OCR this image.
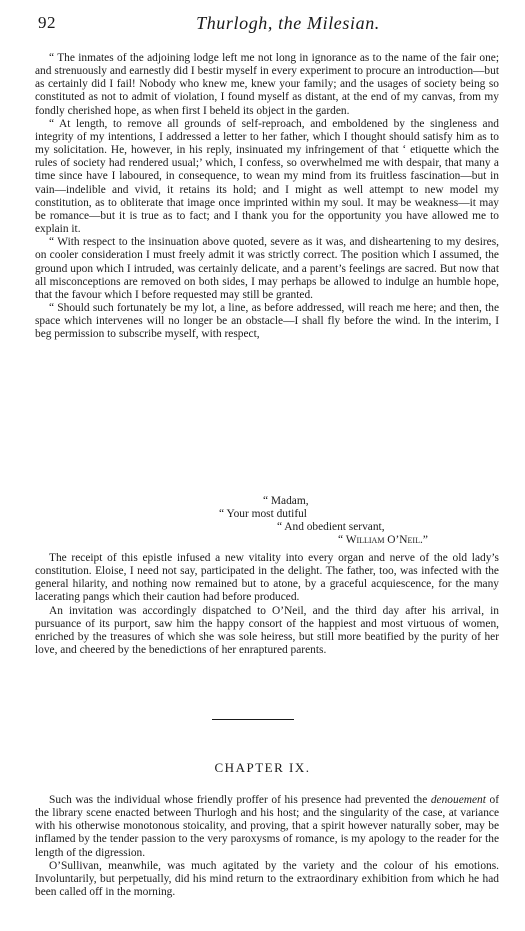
92	Thurlogh, the Milesian.

“ The inmates of the adjoining lodge left me not long in ignorance as to the name of the fair one; and strenuously and earnestly did I bestir myself in every experiment to procure an introduction—but as certainly did I fail! Nobody who knew me, knew your family; and the usages of society being so constituted as not to admit of violation, I found myself as distant, at the end of my canvas, from my fondly cherished hope, as when first I beheld its object in the garden.

“ At length, to remove all grounds of self-reproach, and emboldened by the singleness and integrity of my intentions, I addressed a letter to her father, which I thought should satisfy him as to my solicitation. He, however, in his reply, insinuated my infringement of that ‘ etiquette which the rules of society had rendered usual;’ which, I confess, so overwhelmed me with despair, that many a time since have I laboured, in consequence, to wean my mind from its fruitless fascination—but in vain—indelible and vivid, it retains its hold; and I might as well attempt to new model my constitution, as to obliterate that image once imprinted within my soul. It may be weakness—it may be romance—but it is true as to fact; and I thank you for the opportunity you have allowed me to explain it.

“ With respect to the insinuation above quoted, severe as it was, and disheartening to my desires, on cooler consideration I must freely admit it was strictly correct. The position which I assumed, the ground upon which I intruded, was certainly delicate, and a parent’s feelings are sacred. But now that all misconceptions are removed on both sides, I may perhaps be allowed to indulge an humble hope, that the favour which I before requested may still be granted.

“ Should such fortunately be my lot, a line, as before addressed, will reach me here; and then, the space which intervenes will no longer be an obstacle—I shall fly before the wind. In the interim, I beg permission to subscribe myself, with respect,

“ Madam,
“ Your most dutiful
“ And obedient servant,
“ William O’Neil.”

The receipt of this epistle infused a new vitality into every organ and nerve of the old lady’s constitution. Eloise, I need not say, participated in the delight. The father, too, was infected with the general hilarity, and nothing now remained but to atone, by a graceful acquiescence, for the many lacerating pangs which their caution had before produced.

An invitation was accordingly dispatched to O’Neil, and the third day after his arrival, in pursuance of its purport, saw him the happy consort of the happiest and most virtuous of women, enriched by the treasures of which she was sole heiress, but still more beatified by the purity of her love, and cheered by the benedictions of her enraptured parents.

CHAPTER IX.

Such was the individual whose friendly proffer of his presence had prevented the denouement of the library scene enacted between Thurlogh and his host; and the singularity of the case, at variance with his otherwise monotonous stoicality, and proving, that a spirit however naturally sober, may be inflamed by the tender passion to the very paroxysms of romance, is my apology to the reader for the length of the digression.

O’Sullivan, meanwhile, was much agitated by the variety and the colour of his emotions. Involuntarily, but perpetually, did his mind return to the extraordinary exhibition from which he had been called off in the morning.
